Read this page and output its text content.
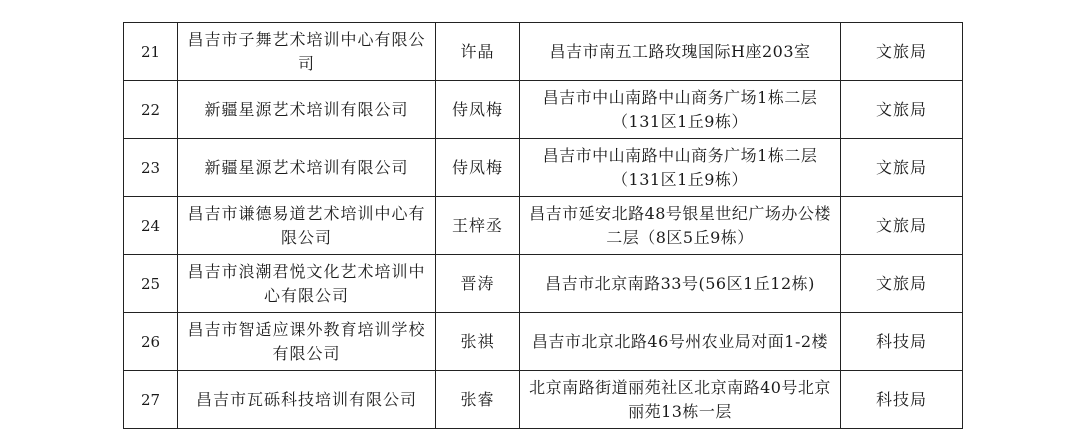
21	昌吉市子舞艺术培训中心有限公司	许晶	昌吉市南五工路玫瑰国际H座203室	文旅局
22	新疆星源艺术培训有限公司	侍凤梅	昌吉市中山南路中山商务广场1栋二层（131区1丘9栋）	文旅局
23	新疆星源艺术培训有限公司	侍凤梅	昌吉市中山南路中山商务广场1栋二层（131区1丘9栋）	文旅局
24	昌吉市谦德易道艺术培训中心有限公司	王梓丞	昌吉市延安北路48号银星世纪广场办公楼二层（8区5丘9栋）	文旅局
25	昌吉市浪潮君悦文化艺术培训中心有限公司	晋涛	昌吉市北京南路33号(56区1丘12栋)	文旅局
26	昌吉市智适应课外教育培训学校有限公司	张祺	昌吉市北京北路46号州农业局对面1-2楼	科技局
27	昌吉市瓦砾科技培训有限公司	张睿	北京南路街道丽苑社区北京南路40号北京丽苑13栋一层	科技局
